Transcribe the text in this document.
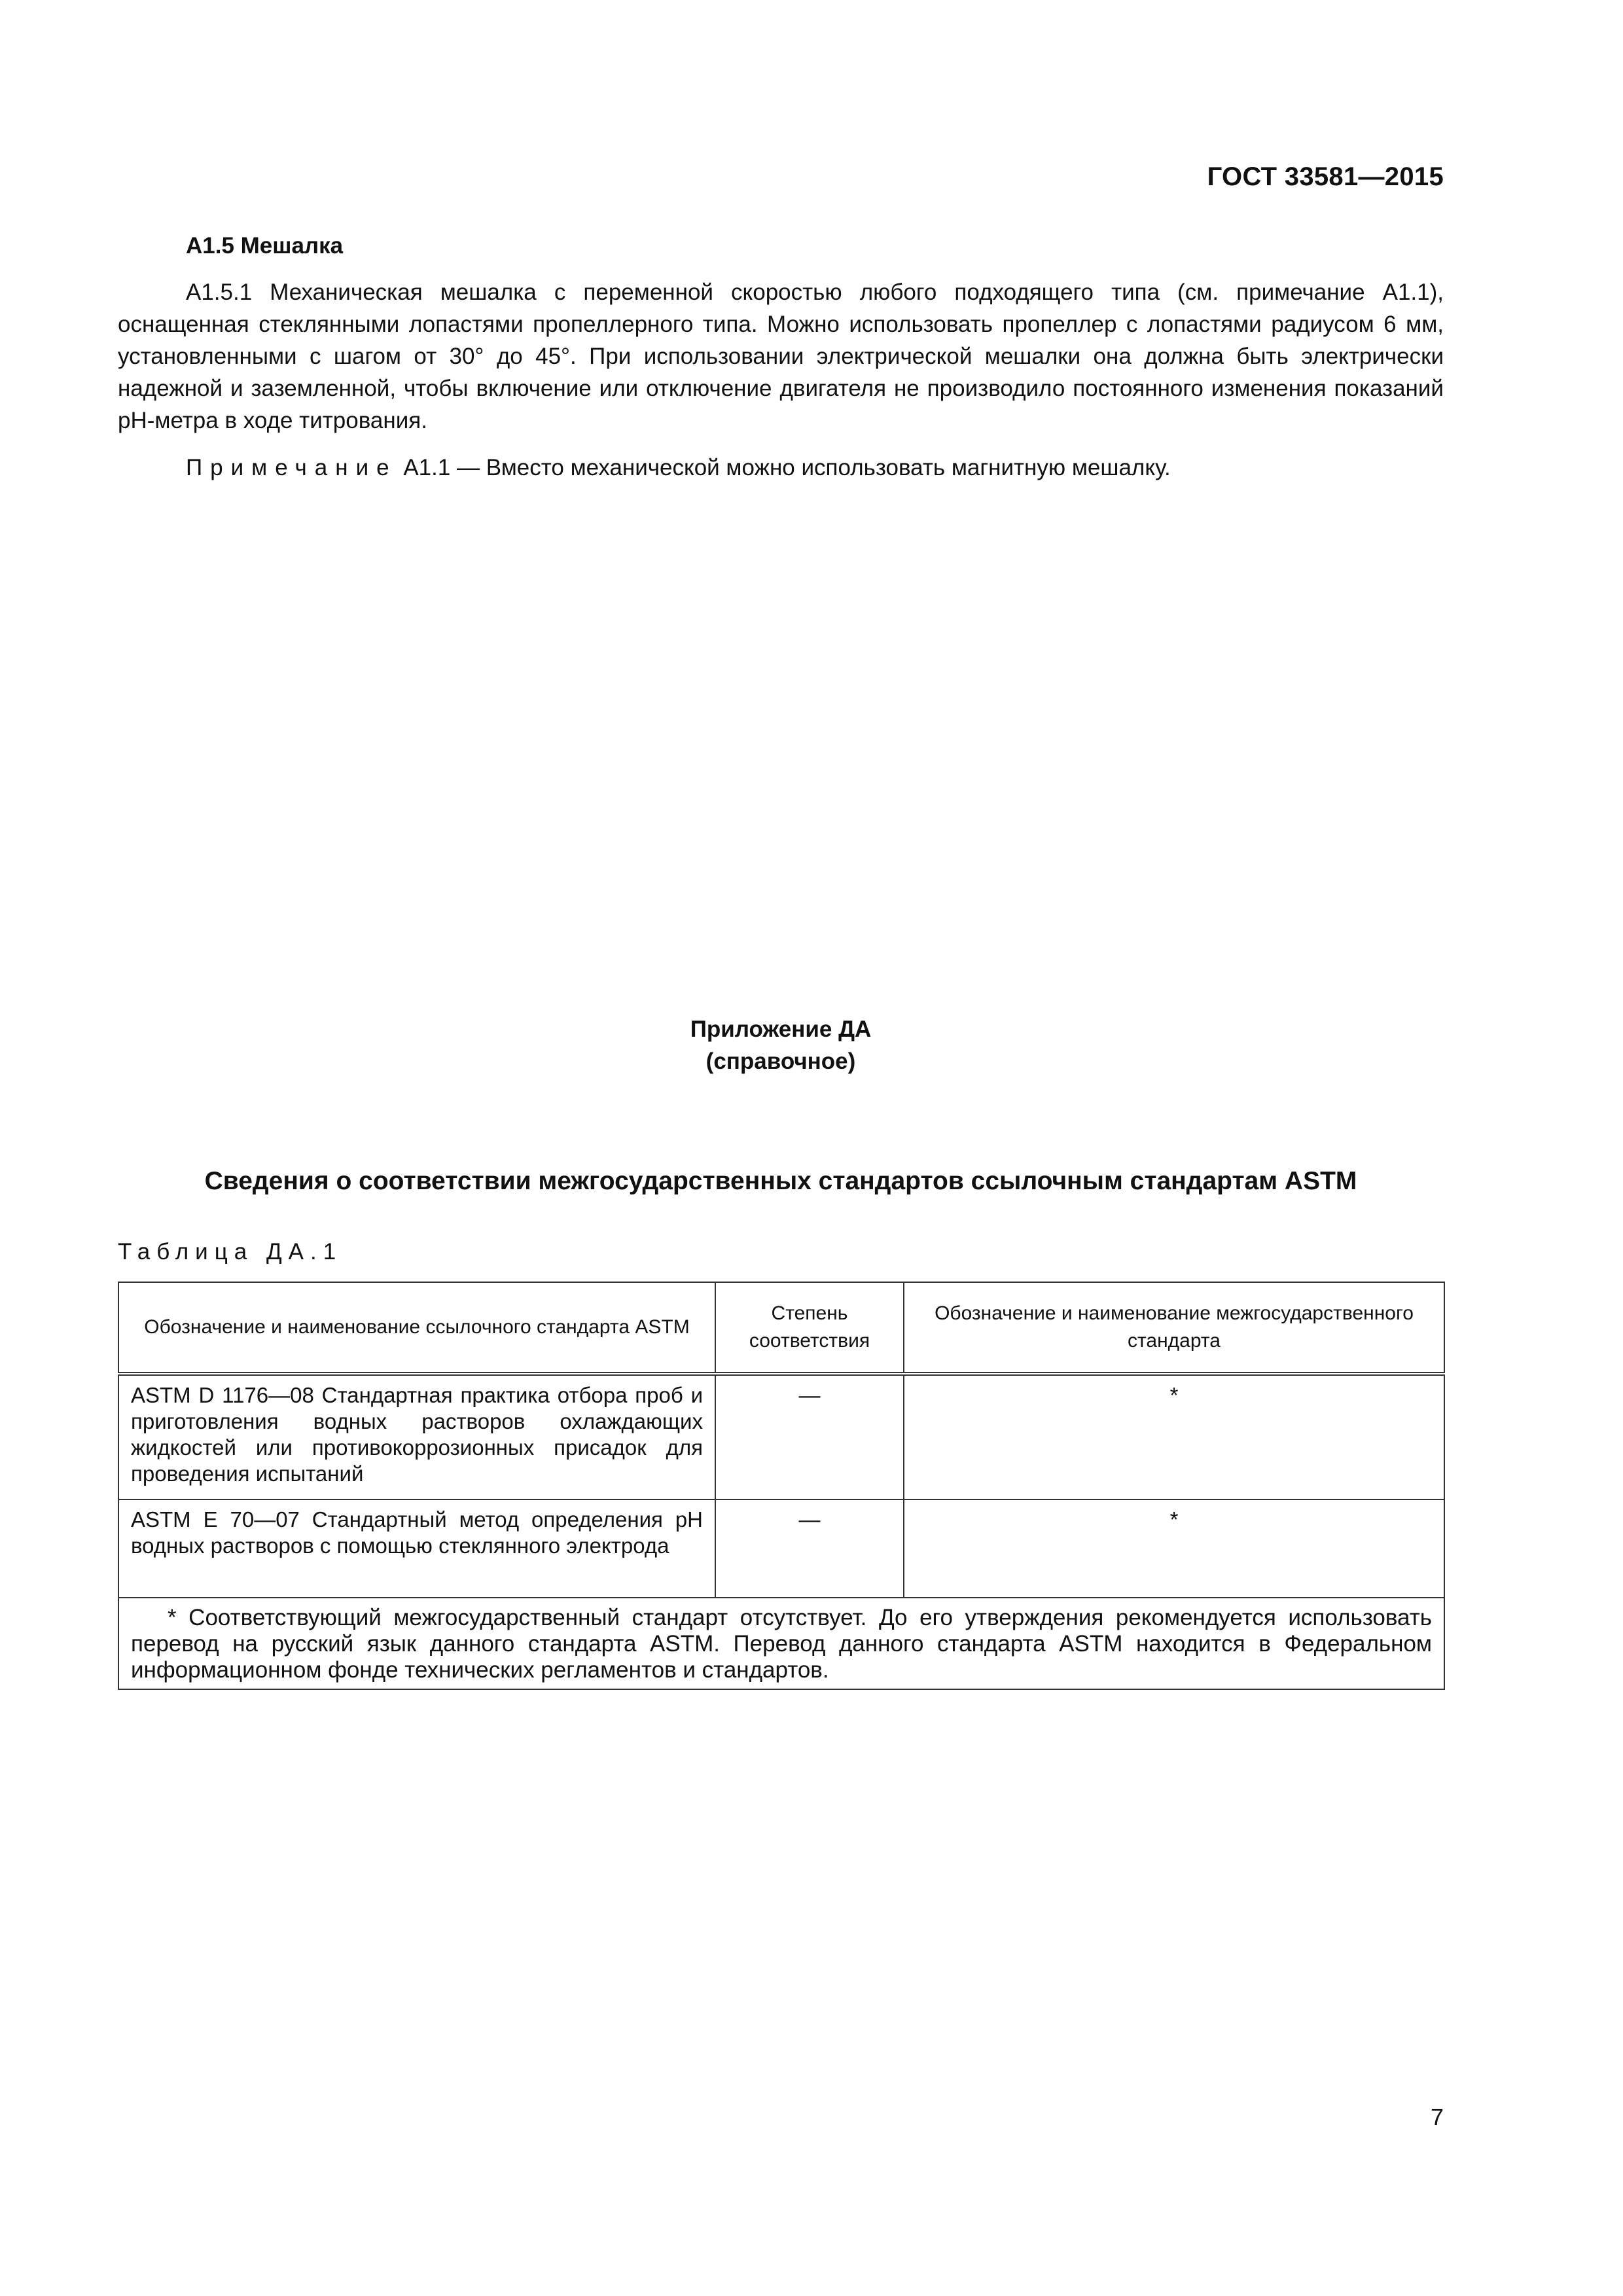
ГОСТ 33581—2015
А1.5 Мешалка

А1.5.1 Механическая мешалка с переменной скоростью любого подходящего типа (см. примечание А1.1), оснащенная стеклянными лопастями пропеллерного типа. Можно использовать пропеллер с лопастями радиусом 6 мм, установленными с шагом от 30° до 45°. При использовании электрической мешалки она должна быть электрически надежной и заземленной, чтобы включение или отключение двигателя не производило постоянного изменения показаний pH-метра в ходе титрования.

Примечание А1.1 — Вместо механической можно использовать магнитную мешалку.

Приложение ДА
(справочное)
Сведения о соответствии межгосударственных стандартов ссылочным стандартам ASTM
Таблица ДА.1
Обозначение и наименование ссылочного стандарта ASTM	Степень соответствия	Обозначение и наименование межгосударственного стандарта
ASTM D 1176—08 Стандартная практика отбора проб и приготовления водных растворов охлаждающих жидкостей или противокоррозионных присадок для проведения испытаний	—	*
ASTM E 70—07 Стандартный метод определения pH водных растворов с помощью стеклянного электрода	—	*
* Соответствующий межгосударственный стандарт отсутствует. До его утверждения рекомендуется использовать перевод на русский язык данного стандарта ASTM. Перевод данного стандарта ASTM находится в Федеральном информационном фонде технических регламентов и стандартов.		
7
